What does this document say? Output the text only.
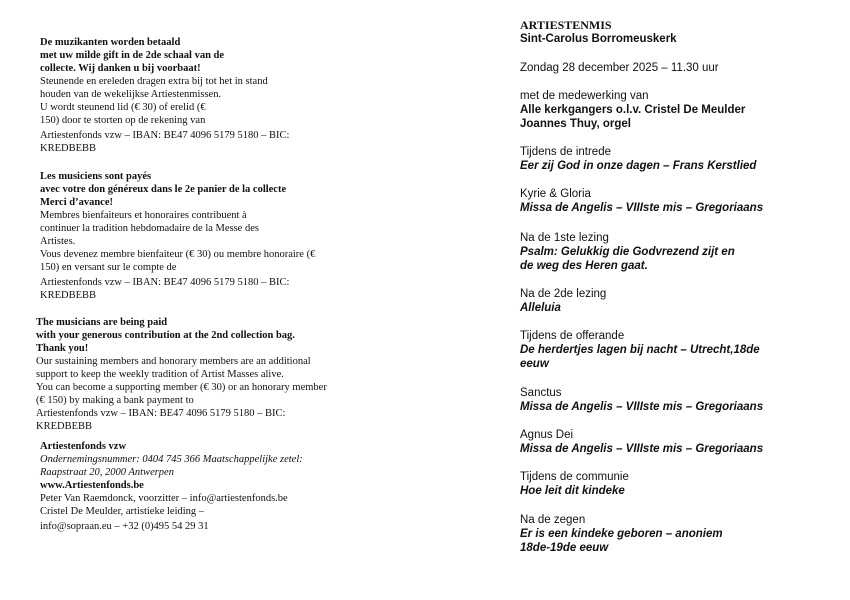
De muzikanten worden betaald
met uw milde gift in de 2de schaal van de
collecte. Wij danken u bij voorbaat!
Steunende en ereleden dragen extra bij tot het in stand
houden van de wekelijkse Artiestenmissen.
U wordt steunend lid (€ 30) of erelid (€
150) door te storten op de rekening van
Artiestenfonds vzw – IBAN: BE47 4096 5179 5180 – BIC:
KREDBEBB
Les musiciens sont payés
avec votre don généreux dans le 2e panier de la collecte
Merci d’avance!
Membres bienfaiteurs et honoraires contribuent à
continuer la tradition hebdomadaire de la Messe des
Artistes.
Vous devenez membre bienfaiteur (€ 30) ou membre honoraire (€
150) en versant sur le compte de
Artiestenfonds vzw – IBAN: BE47 4096 5179 5180 – BIC:
KREDBEBB
The musicians are being paid
with your generous contribution at the 2nd collection bag.
Thank you!
Our sustaining members and honorary members are an additional
support to keep the weekly tradition of Artist Masses alive.
You can become a supporting member (€ 30) or an honorary member
(€ 150) by making a bank payment to
Artiestenfonds vzw – IBAN: BE47 4096 5179 5180 – BIC:
KREDBEBB
Artiestenfonds vzw
Ondernemingsnummer: 0404 745 366 Maatschappelijke zetel:
Raapstraat 20, 2000 Antwerpen
www.Artiestenfonds.be
Peter Van Raemdonck, voorzitter – info@artiestenfonds.be
Cristel De Meulder, artistieke leiding –
info@sopraan.eu – +32 (0)495 54 29 31
ARTIESTENMIS
Sint-Carolus Borromeuskerk
Zondag 28 december 2025 – 11.30 uur
met de medewerking van
Alle kerkgangers o.l.v. Cristel De Meulder
Joannes Thuy, orgel
Tijdens de intrede
Eer zij God in onze dagen – Frans Kerstlied
Kyrie & Gloria
Missa de Angelis – VIIIste mis – Gregoriaans
Na de 1ste lezing
Psalm: Gelukkig die Godvrezend zijt en
de weg des Heren gaat.
Na de 2de lezing
Alleluia
Tijdens de offerande
De herdertjes lagen bij nacht – Utrecht,18de
eeuw
Sanctus
Missa de Angelis – VIIIste mis – Gregoriaans
Agnus Dei
Missa de Angelis – VIIIste mis – Gregoriaans
Tijdens de communie
Hoe leit dit kindeke
Na de zegen
Er is een kindeke geboren – anoniem
18de-19de eeuw
